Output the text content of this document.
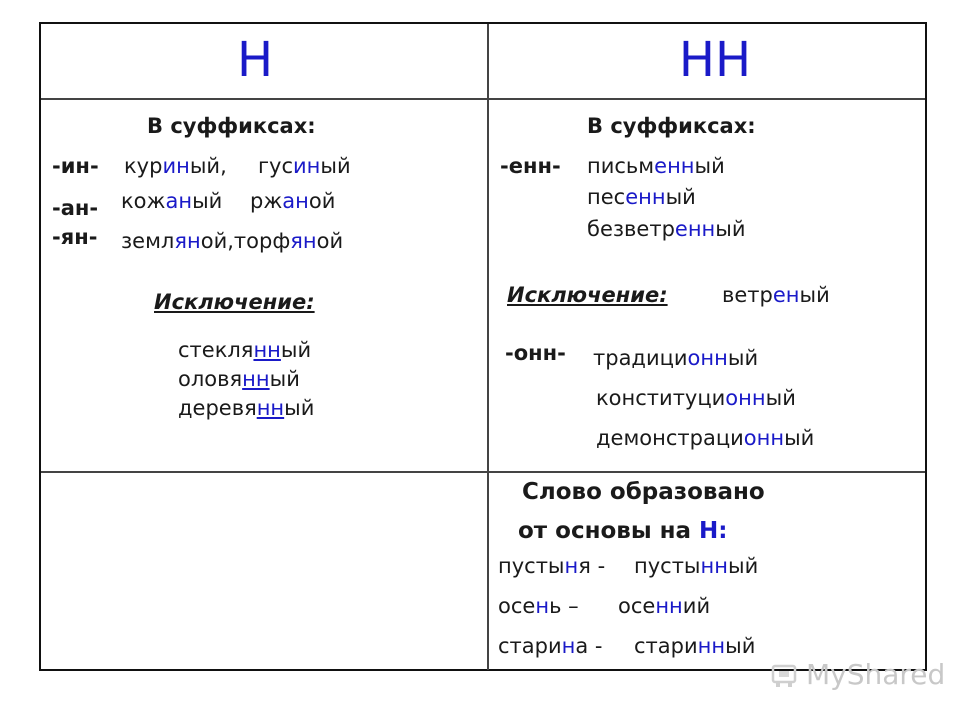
Н	НН
В суффиксах:
-ин- куриный, гусиный
-ан- кожаный ржаной
-ян- земляной,торфяной
Исключение:
стеклянный
оловянный
деревянный
В суффиксах:
-енн- письменный
песенный
безветренный
Исключение:	ветреный
-онн- традиционный
конституционный
демонстрационный
Слово образовано
от основы на Н:
пустыня - пустынный
осень – осенний
старина - старинный
MyShared
